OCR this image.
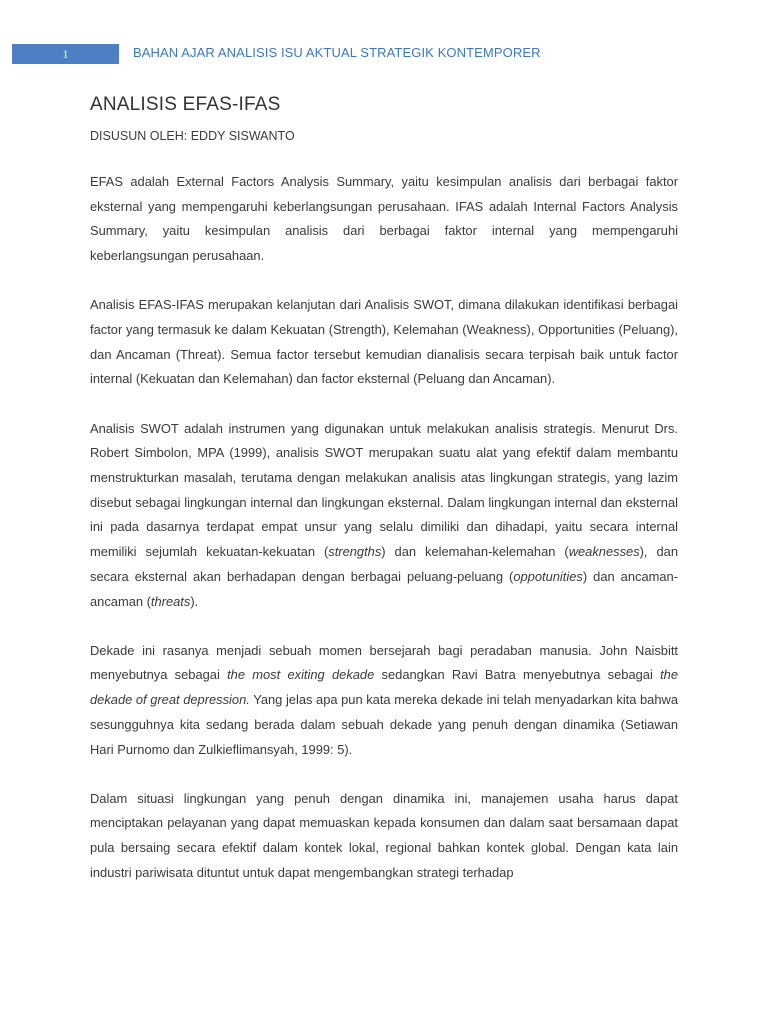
1	BAHAN AJAR ANALISIS ISU AKTUAL STRATEGIK KONTEMPORER
ANALISIS EFAS-IFAS
DISUSUN OLEH: EDDY SISWANTO

EFAS adalah External Factors Analysis Summary, yaitu kesimpulan analisis dari berbagai faktor eksternal yang mempengaruhi keberlangsungan perusahaan. IFAS adalah Internal Factors Analysis Summary, yaitu kesimpulan analisis dari berbagai faktor internal yang mempengaruhi keberlangsungan perusahaan.

Analisis EFAS-IFAS merupakan kelanjutan dari Analisis SWOT, dimana dilakukan identifikasi berbagai factor yang termasuk ke dalam Kekuatan (Strength), Kelemahan (Weakness), Opportunities (Peluang), dan Ancaman (Threat). Semua factor tersebut kemudian dianalisis secara terpisah baik untuk factor internal (Kekuatan dan Kelemahan) dan factor eksternal (Peluang dan Ancaman).

Analisis SWOT adalah instrumen yang digunakan untuk melakukan analisis strategis. Menurut Drs. Robert Simbolon, MPA (1999), analisis SWOT merupakan suatu alat yang efektif dalam membantu menstrukturkan masalah, terutama dengan melakukan analisis atas lingkungan strategis, yang lazim disebut sebagai lingkungan internal dan lingkungan eksternal. Dalam lingkungan internal dan eksternal ini pada dasarnya terdapat empat unsur yang selalu dimiliki dan dihadapi, yaitu secara internal memiliki sejumlah kekuatan-kekuatan (strengths) dan kelemahan-kelemahan (weaknesses), dan secara eksternal akan berhadapan dengan berbagai peluang-peluang (oppotunities) dan ancaman-ancaman (threats).

Dekade ini rasanya menjadi sebuah momen bersejarah bagi peradaban manusia. John Naisbitt menyebutnya sebagai the most exiting dekade sedangkan Ravi Batra menyebutnya sebagai the dekade of great depression. Yang jelas apa pun kata mereka dekade ini telah menyadarkan kita bahwa sesungguhnya kita sedang berada dalam sebuah dekade yang penuh dengan dinamika (Setiawan Hari Purnomo dan Zulkieflimansyah, 1999: 5).

Dalam situasi lingkungan yang penuh dengan dinamika ini, manajemen usaha harus dapat menciptakan pelayanan yang dapat memuaskan kepada konsumen dan dalam saat bersamaan dapat pula bersaing secara efektif dalam kontek lokal, regional bahkan kontek global. Dengan kata lain industri pariwisata dituntut untuk dapat mengembangkan strategi terhadap
